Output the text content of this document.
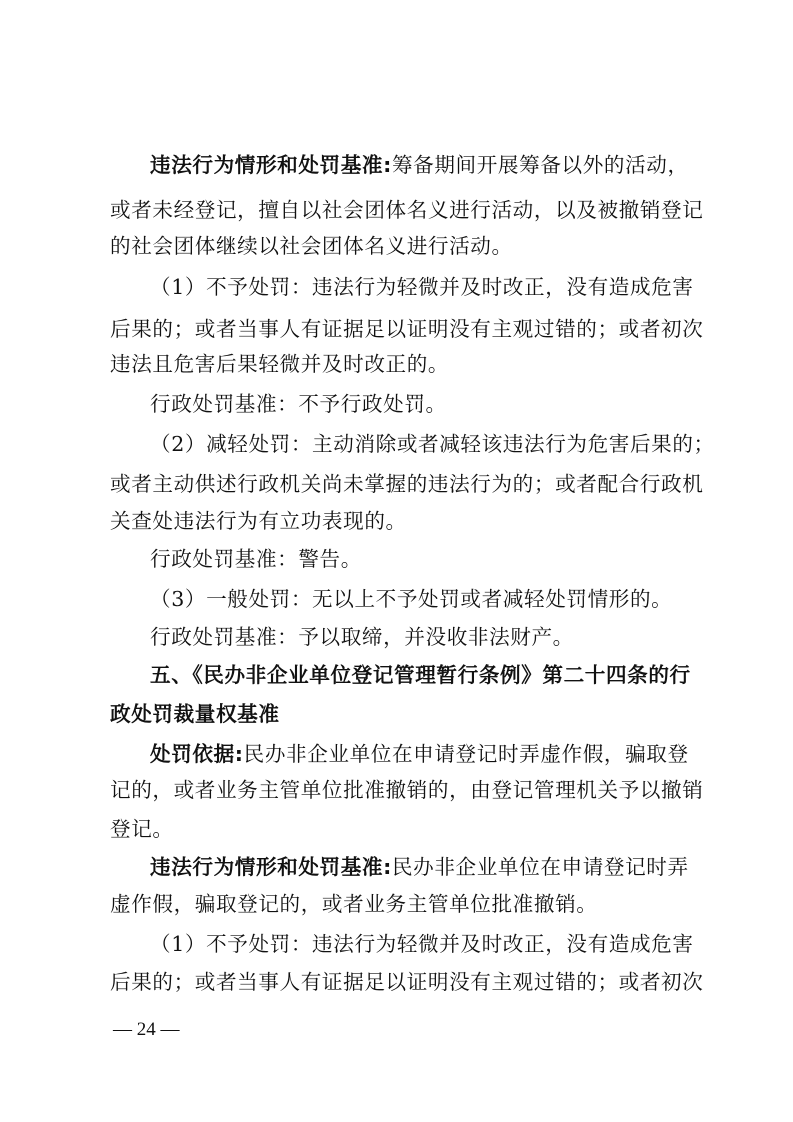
违法行为情形和处罚基准:筹备期间开展筹备以外的活动，
或者未经登记，擅自以社会团体名义进行活动，以及被撤销登记
的社会团体继续以社会团体名义进行活动。
（1）不予处罚：违法行为轻微并及时改正，没有造成危害
后果的；或者当事人有证据足以证明没有主观过错的；或者初次
违法且危害后果轻微并及时改正的。
行政处罚基准：不予行政处罚。
（2）减轻处罚：主动消除或者减轻该违法行为危害后果的；
或者主动供述行政机关尚未掌握的违法行为的；或者配合行政机
关查处违法行为有立功表现的。
行政处罚基准：警告。
（3）一般处罚：无以上不予处罚或者减轻处罚情形的。
行政处罚基准：予以取缔，并没收非法财产。
五、《民办非企业单位登记管理暂行条例》第二十四条的行
政处罚裁量权基准
处罚依据:民办非企业单位在申请登记时弄虚作假，骗取登
记的，或者业务主管单位批准撤销的，由登记管理机关予以撤销
登记。
违法行为情形和处罚基准:民办非企业单位在申请登记时弄
虚作假，骗取登记的，或者业务主管单位批准撤销。
（1）不予处罚：违法行为轻微并及时改正，没有造成危害
后果的；或者当事人有证据足以证明没有主观过错的；或者初次
— 24 —
